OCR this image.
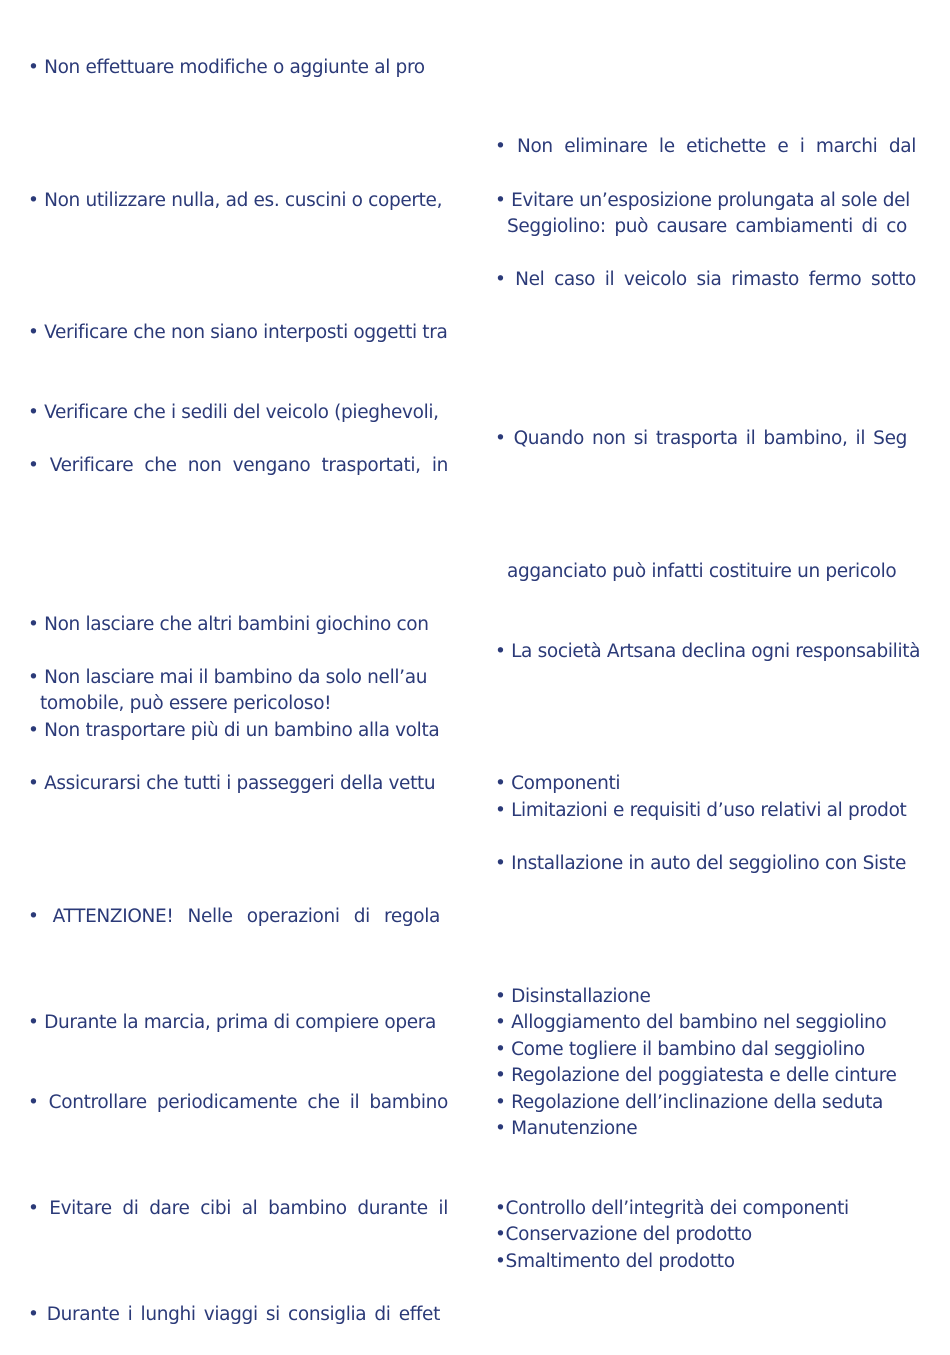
• Non effettuare modifiche o aggiunte al pro
• Non utilizzare nulla, ad es. cuscini o coperte,
• Verificare che non siano interposti oggetti tra
• Verificare che i sedili del veicolo (pieghevoli,
• Verificare che non vengano trasportati, in
• Non lasciare che altri bambini giochino con
• Non lasciare mai il bambino da solo nell’au
tomobile, può essere pericoloso!
• Non trasportare più di un bambino alla volta
• Assicurarsi che tutti i passeggeri della vettu
• ATTENZIONE! Nelle operazioni di regola
• Durante la marcia, prima di compiere opera
• Controllare periodicamente che il bambino
• Evitare di dare cibi al bambino durante il
• Durante i lunghi viaggi si consiglia di effet
• Non eliminare le etichette e i marchi dal
• Evitare un’esposizione prolungata al sole del
Seggiolino: può causare cambiamenti di co
• Nel caso il veicolo sia rimasto fermo sotto
• Quando non si trasporta il bambino, il Seg
agganciato può infatti costituire un pericolo
• La società Artsana declina ogni responsabilità
• Componenti
• Limitazioni e requisiti d’uso relativi al prodot
• Installazione in auto del seggiolino con Siste
• Disinstallazione
• Alloggiamento del bambino nel seggiolino
• Come togliere il bambino dal seggiolino
• Regolazione del poggiatesta e delle cinture
• Regolazione dell’inclinazione della seduta
• Manutenzione
•Controllo dell’integrità dei componenti
•Conservazione del prodotto
•Smaltimento del prodotto
